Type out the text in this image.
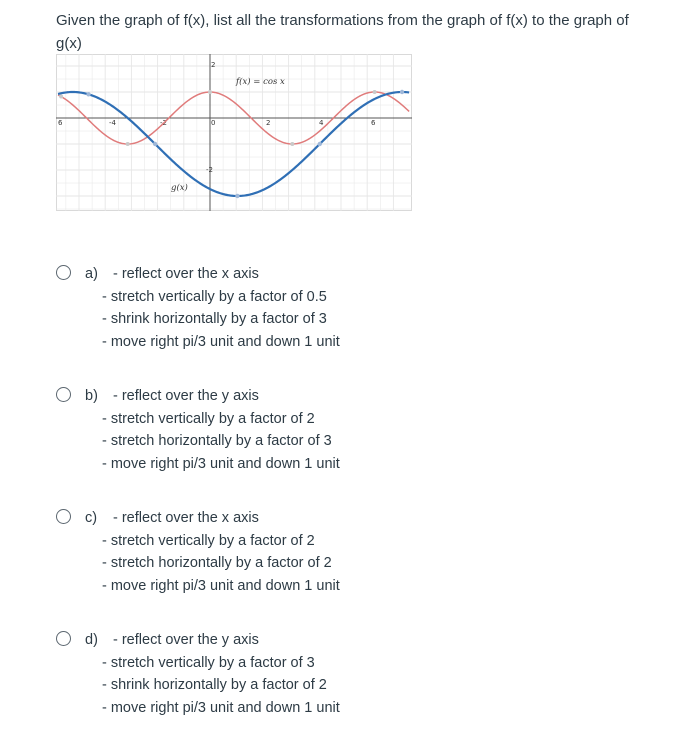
Given the graph of f(x), list all the transformations from the graph of f(x) to the graph of g(x)
6	-4	-2	0	2	4	6
2
-2
f(x) = cos x
g(x)
a)	- reflect over the x axis
- stretch vertically by a factor of 0.5
- shrink horizontally by a factor of 3
- move right pi/3 unit and down 1 unit
b)	- reflect over the y axis
- stretch vertically by a factor of 2
- stretch horizontally by a factor of 3
- move right pi/3 unit and down 1 unit
c)	- reflect over the x axis
- stretch vertically by a factor of 2
- stretch horizontally by a factor of 2
- move right pi/3 unit and down 1 unit
d)	- reflect over the y axis
- stretch vertically by a factor of 3
- shrink horizontally by a factor of 2
- move right pi/3 unit and down 1 unit
